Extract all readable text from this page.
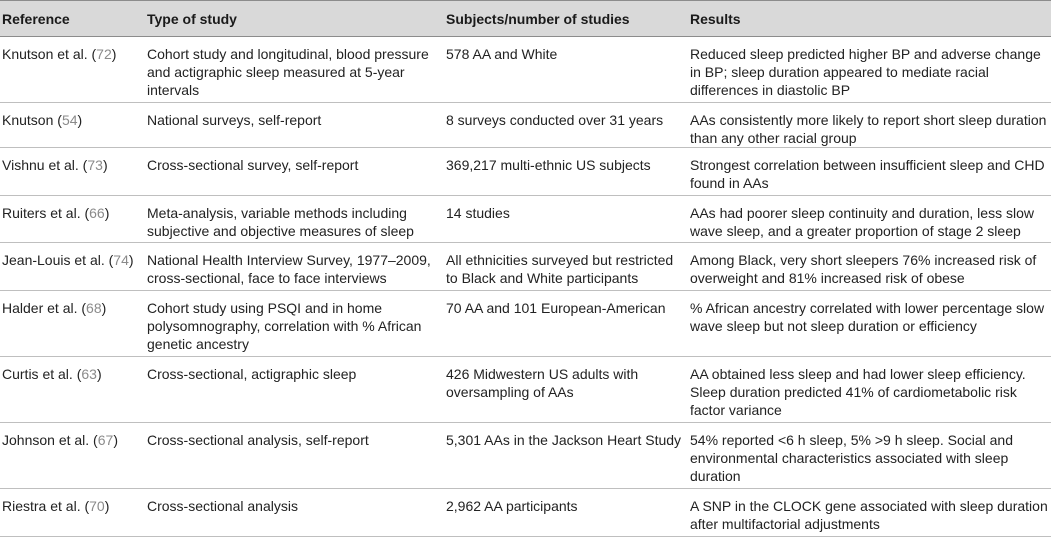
Reference	Type of study	Subjects/number of studies	Results
Knutson et al. (72)	Cohort study and longitudinal, blood pressure and actigraphic sleep measured at 5-year intervals	578 AA and White	Reduced sleep predicted higher BP and adverse change in BP; sleep duration appeared to mediate racial differences in diastolic BP
Knutson (54)	National surveys, self-report	8 surveys conducted over 31 years	AAs consistently more likely to report short sleep duration than any other racial group
Vishnu et al. (73)	Cross-sectional survey, self-report	369,217 multi-ethnic US subjects	Strongest correlation between insufficient sleep and CHD found in AAs
Ruiters et al. (66)	Meta-analysis, variable methods including subjective and objective measures of sleep	14 studies	AAs had poorer sleep continuity and duration, less slow wave sleep, and a greater proportion of stage 2 sleep
Jean-Louis et al. (74)	National Health Interview Survey, 1977–2009, cross-sectional, face to face interviews	All ethnicities surveyed but restricted to Black and White participants	Among Black, very short sleepers 76% increased risk of overweight and 81% increased risk of obese
Halder et al. (68)	Cohort study using PSQI and in home polysomnography, correlation with % African genetic ancestry	70 AA and 101 European-American	% African ancestry correlated with lower percentage slow wave sleep but not sleep duration or efficiency
Curtis et al. (63)	Cross-sectional, actigraphic sleep	426 Midwestern US adults with oversampling of AAs	AA obtained less sleep and had lower sleep efficiency. Sleep duration predicted 41% of cardiometabolic risk factor variance
Johnson et al. (67)	Cross-sectional analysis, self-report	5,301 AAs in the Jackson Heart Study	54% reported <6 h sleep, 5% >9 h sleep. Social and environmental characteristics associated with sleep duration
Riestra et al. (70)	Cross-sectional analysis	2,962 AA participants	A SNP in the CLOCK gene associated with sleep duration after multifactorial adjustments
